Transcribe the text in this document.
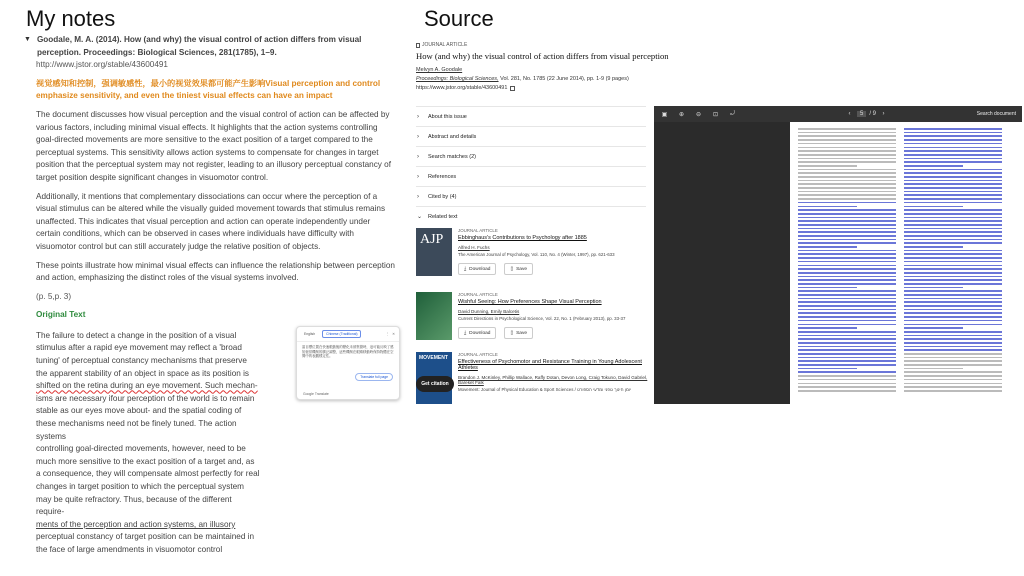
My notes	Source
▼ Goodale, M. A. (2014). How (and why) the visual control of action differs from visual perception. Proceedings: Biological Sciences, 281(1785), 1–9.
http://www.jstor.org/stable/43600491
视觉感知和控制，强调敏感性，最小的视觉效果都可能产生影响Visual perception and control emphasize sensitivity, and even the tiniest visual effects can have an impact
The document discusses how visual perception and the visual control of action can be affected by various factors, including minimal visual effects. It highlights that the action systems controlling goal-directed movements are more sensitive to the exact position of a target compared to the perceptual systems. This sensitivity allows action systems to compensate for changes in target position that the perceptual system may not register, leading to an illusory perceptual constancy of target position despite significant changes in visuomotor control.
Additionally, it mentions that complementary dissociations can occur where the perception of a visual stimulus can be altered while the visually guided movement towards that stimulus remains unaffected. This indicates that visual perception and action can operate independently under certain conditions, which can be observed in cases where individuals have difficulty with visuomotor control but can still accurately judge the relative position of objects.
These points illustrate how minimal visual effects can influence the relationship between perception and action, emphasizing the distinct roles of the visual systems involved.
(p. 5,p. 3)
Original Text
The failure to detect a change in the position of a visual
stimulus after a rapid eye movement may reflect a 'broad
tuning' of perceptual constancy mechanisms that preserve
the apparent stability of an object in space as its position is
shifted on the retina during an eye movement. Such mechan-
isms are necessary ifour perception of the world is to remain
stable as our eyes move about- and the spatial coding of
these mechanisms need not be finely tuned. The action
systems
controlling goal-directed movements, however, need to be
much more sensitive to the exact position of a target and, as
a consequence, they will compensate almost perfectly for real
changes in target position to which the perceptual system
may be quite refractory. Thus, because of the different
require-
ments of the perception and action systems, an illusory
perceptual constancy of target position can be maintained in
the face of large amendments in visuomotor control
English	Chinese (Traditional)	⋮ ✕
當目標位置在快速眼動後的變化未被察覺時，這可能反映了感知恆常機制的廣泛調整，這些機制在眼睛移動時保持物體在空間中的表觀穩定性。
Translate full page
Google Translate
JOURNAL ARTICLE
How (and why) the visual control of action differs from visual perception
Melvyn A. Goodale
Proceedings: Biological Sciences, Vol. 281, No. 1785 (22 June 2014), pp. 1-9 (9 pages)
https://www.jstor.org/stable/43600491
›	About this issue
›	Abstract and details
›	Search matches (2)
›	References
›	Cited by (4)
⌄ Related text
AJP
JOURNAL ARTICLE
Ebbinghaus's Contributions to Psychology after 1885
Alfred H. Fuchs
The American Journal of Psychology, Vol. 110, No. 4 (Winter, 1997), pp. 621-633
⤓ Download	▯ Save
JOURNAL ARTICLE
Wishful Seeing: How Preferences Shape Visual Perception
David Dunning, Emily Balcetis
Current Directions in Psychological Science, Vol. 22, No. 1 (February 2013), pp. 33-37
⤓ Download	▯ Save
MOVEMENT
JOURNAL ARTICLE
Effectiveness of Psychomotor and Resistance Training in Young Adolescent Athletes
Brandon J. McKinley, Phillip Wallace, Raffy Dotan, Devon Long, Craig Tokuno, David Gabriel, Bareket Falk
Movement: Journal of Physical Education & Sport Sciences / יומן חינוך גופני ומדעי הספורט
Get citation
▣	⊕	⊖	⊡	⤾	‹	5	/ 9	›	Search document
